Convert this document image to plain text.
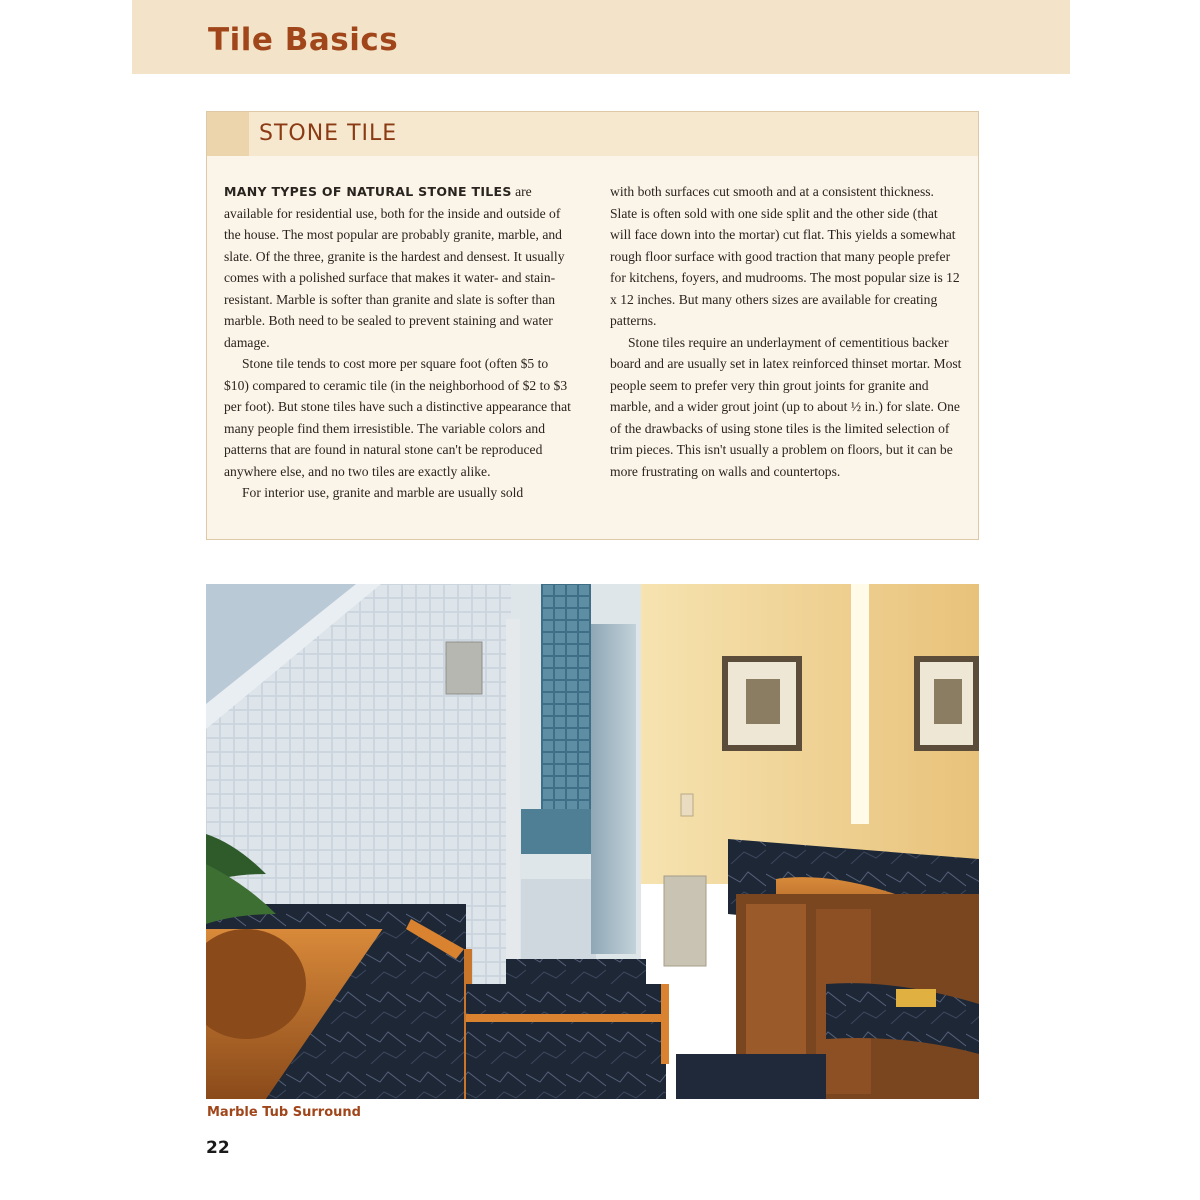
Tile Basics
STONE TILE

MANY TYPES OF NATURAL STONE TILES are available for residential use, both for the inside and outside of the house. The most popular are probably granite, marble, and slate. Of the three, granite is the hardest and densest. It usually comes with a polished surface that makes it water- and stain-resistant. Marble is softer than granite and slate is softer than marble. Both need to be sealed to prevent staining and water damage.

Stone tile tends to cost more per square foot (often $5 to $10) compared to ceramic tile (in the neighborhood of $2 to $3 per foot). But stone tiles have such a distinctive appearance that many people find them irresistible. The variable colors and patterns that are found in natural stone can't be reproduced anywhere else, and no two tiles are exactly alike.

For interior use, granite and marble are usually sold

with both surfaces cut smooth and at a consistent thickness. Slate is often sold with one side split and the other side (that will face down into the mortar) cut flat. This yields a somewhat rough floor surface with good traction that many people prefer for kitchens, foyers, and mudrooms. The most popular size is 12 x 12 inches. But many others sizes are available for creating patterns.

Stone tiles require an underlayment of cementitious backer board and are usually set in latex reinforced thinset mortar. Most people seem to prefer very thin grout joints for granite and marble, and a wider grout joint (up to about ½ in.) for slate. One of the drawbacks of using stone tiles is the limited selection of trim pieces. This isn't usually a problem on floors, but it can be more frustrating on walls and countertops.

Marble Tub Surround
22
